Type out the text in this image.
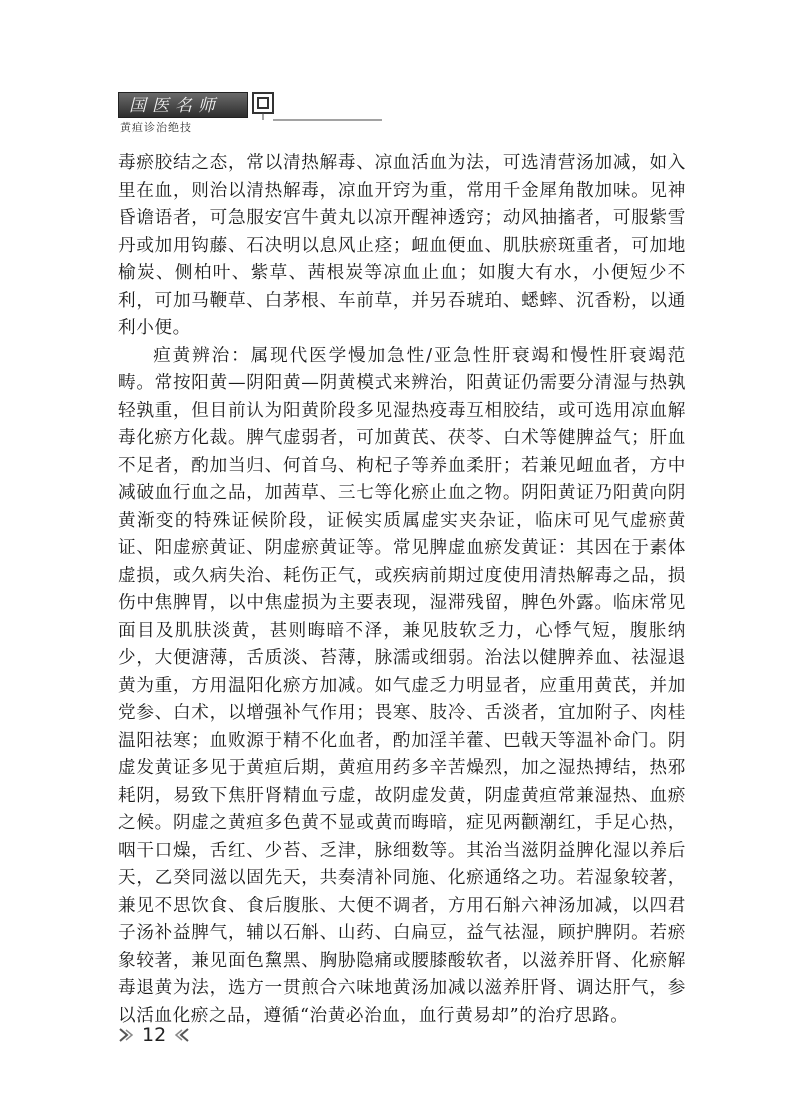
国医名师
黄疸诊治绝技

毒瘀胶结之态，常以清热解毒、凉血活血为法，可选清营汤加减，如入里在血，则治以清热解毒，凉血开窍为重，常用千金犀角散加味。见神昏谵语者，可急服安宫牛黄丸以凉开醒神透窍；动风抽搐者，可服紫雪丹或加用钩藤、石决明以息风止痉；衄血便血、肌肤瘀斑重者，可加地榆炭、侧柏叶、紫草、茜根炭等凉血止血；如腹大有水，小便短少不利，可加马鞭草、白茅根、车前草，并另吞琥珀、蟋蟀、沉香粉，以通利小便。

疸黄辨治：属现代医学慢加急性/亚急性肝衰竭和慢性肝衰竭范畴。常按阳黄—阴阳黄—阴黄模式来辨治，阳黄证仍需要分清湿与热孰轻孰重，但目前认为阳黄阶段多见湿热疫毒互相胶结，或可选用凉血解毒化瘀方化裁。脾气虚弱者，可加黄芪、茯苓、白术等健脾益气；肝血不足者，酌加当归、何首乌、枸杞子等养血柔肝；若兼见衄血者，方中减破血行血之品，加茜草、三七等化瘀止血之物。阴阳黄证乃阳黄向阴黄渐变的特殊证候阶段，证候实质属虚实夹杂证，临床可见气虚瘀黄证、阳虚瘀黄证、阴虚瘀黄证等。常见脾虚血瘀发黄证：其因在于素体虚损，或久病失治、耗伤正气，或疾病前期过度使用清热解毒之品，损伤中焦脾胃，以中焦虚损为主要表现，湿滞残留，脾色外露。临床常见面目及肌肤淡黄，甚则晦暗不泽，兼见肢软乏力，心悸气短，腹胀纳少，大便溏薄，舌质淡、苔薄，脉濡或细弱。治法以健脾养血、祛湿退黄为重，方用温阳化瘀方加减。如气虚乏力明显者，应重用黄芪，并加党参、白术，以增强补气作用；畏寒、肢冷、舌淡者，宜加附子、肉桂温阳祛寒；血败源于精不化血者，酌加淫羊藿、巴戟天等温补命门。阴虚发黄证多见于黄疸后期，黄疸用药多辛苦燥烈，加之湿热搏结，热邪耗阴，易致下焦肝肾精血亏虚，故阴虚发黄，阴虚黄疸常兼湿热、血瘀之候。阴虚之黄疸多色黄不显或黄而晦暗，症见两颧潮红，手足心热，咽干口燥，舌红、少苔、乏津，脉细数等。其治当滋阴益脾化湿以养后天，乙癸同滋以固先天，共奏清补同施、化瘀通络之功。若湿象较著，兼见不思饮食、食后腹胀、大便不调者，方用石斛六神汤加减，以四君子汤补益脾气，辅以石斛、山药、白扁豆，益气祛湿，顾护脾阴。若瘀象较著，兼见面色黧黑、胸胁隐痛或腰膝酸软者，以滋养肝肾、化瘀解毒退黄为法，选方一贯煎合六味地黄汤加减以滋养肝肾、调达肝气，参以活血化瘀之品，遵循“治黄必治血，血行黄易却”的治疗思路。

12
